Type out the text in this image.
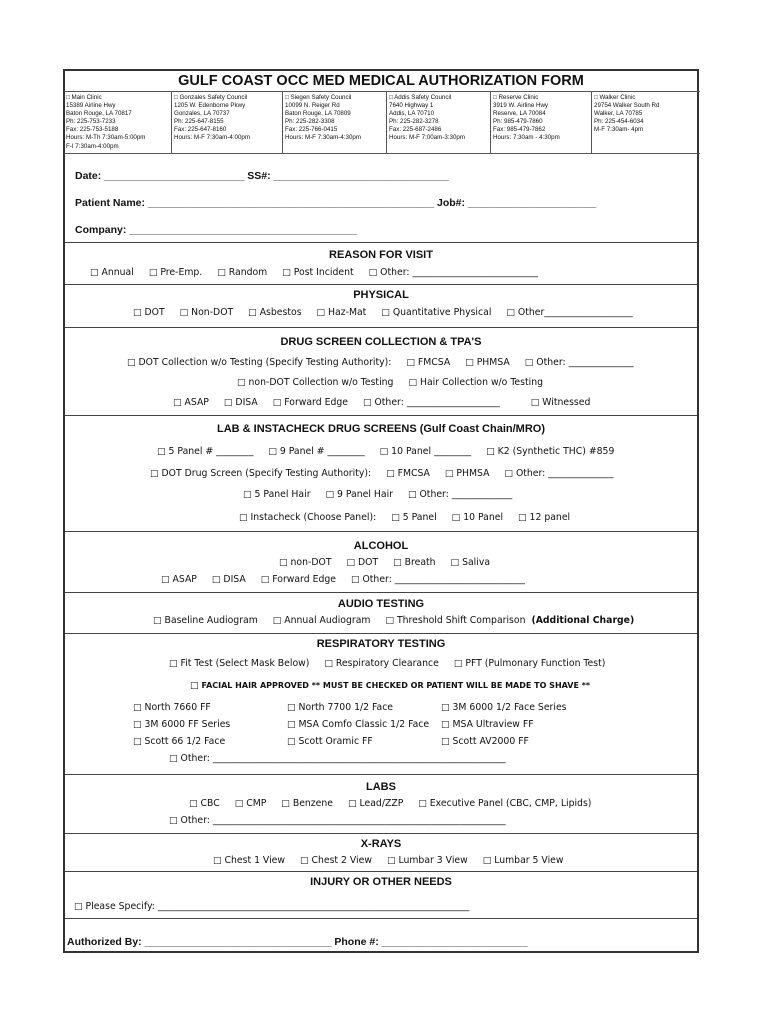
GULF COAST OCC MED MEDICAL AUTHORIZATION FORM
□ Main Clinic
15389 Airline Hwy
Baton Rouge, LA 70817
Ph: 225-753-7233
Fax: 225-753-5188
Hours: M-Th 7:30am-5:00pm
F-I 7:30am-4:00pm
□ Gonzales Safety Council
1205 W. Edenborne Pkwy
Gonzales, LA 70737
Ph: 225-647-8155
Fax: 225-647-8160
Hours: M-F 7:30am-4:00pm
□ Siegen Safety Council
10099 N. Reiger Rd
Baton Rouge, LA 70809
Ph: 225-282-3308
Fax: 225-766-0415
Hours: M-F 7:30am-4:30pm
□ Addis Safety Council
7640 Highway 1
Addis, LA 70710
Ph: 225-282-3278
Fax: 225-687-2486
Hours: M-F 7:00am-3:30pm
□ Reserve Clinic
3919 W. Airline Hwy
Reserve, LA 70084
Ph: 985-479-7860
Fax: 985-479-7862
Hours: 7:30am - 4:30pm
□ Walker Clinic
29754 Walker South Rd
Walker, LA 70785
Ph: 225-454-6034
M-F 7:30am- 4pm
Date: ________________________ SS#: ______________________________
Patient Name: _________________________________________________ Job#: ______________________
Company: _______________________________________
REASON FOR VISIT
□ Annual	□ Pre-Emp.	□ Random	□ Post Incident	□ Other: ___________________________
PHYSICAL
□ DOT	□ Non-DOT	□ Asbestos	□ Haz-Mat	□ Quantitative Physical	□ Other___________________
DRUG SCREEN COLLECTION & TPA'S
□ DOT Collection w/o Testing (Specify Testing Authority):	□ FMCSA	□ PHMSA	□ Other: ______________
□ non-DOT Collection w/o Testing	□ Hair Collection w/o Testing
□ ASAP	□ DISA	□ Forward Edge	□ Other: ____________________	□ Witnessed
LAB & INSTACHECK DRUG SCREENS (Gulf Coast Chain/MRO)
□ 5 Panel # ________	□ 9 Panel # ________	□ 10 Panel ________	□ K2 (Synthetic THC) #859
□ DOT Drug Screen (Specify Testing Authority):	□ FMCSA	□ PHMSA	□ Other: ______________
□ 5 Panel Hair	□ 9 Panel Hair	□ Other: _____________
□ Instacheck (Choose Panel):	□ 5 Panel	□ 10 Panel	□ 12 panel
ALCOHOL
□ non-DOT	□ DOT	□ Breath	□ Saliva
□ ASAP	□ DISA	□ Forward Edge	□ Other: ____________________________
AUDIO TESTING
□ Baseline Audiogram	□ Annual Audiogram	□ Threshold Shift Comparison (Additional Charge)
RESPIRATORY TESTING
□ Fit Test (Select Mask Below)	□ Respiratory Clearance	□ PFT (Pulmonary Function Test)
□ FACIAL HAIR APPROVED ** MUST BE CHECKED OR PATIENT WILL BE MADE TO SHAVE **
□ North 7660 FF	□ North 7700 1/2 Face	□ 3M 6000 1/2 Face Series
□ 3M 6000 FF Series	□ MSA Comfo Classic 1/2 Face	□ MSA Ultraview FF
□ Scott 66 1/2 Face	□ Scott Oramic FF	□ Scott AV2000 FF
□ Other: _______________________________________________________________
LABS
□ CBC	□ CMP	□ Benzene	□ Lead/ZZP	□ Executive Panel (CBC, CMP, Lipids)
□ Other: _______________________________________________________________
X-RAYS
□ Chest 1 View	□ Chest 2 View	□ Lumbar 3 View	□ Lumbar 5 View
INJURY OR OTHER NEEDS
□ Please Specify: ___________________________________________________________________
Authorized By: ________________________________ Phone #: _________________________
